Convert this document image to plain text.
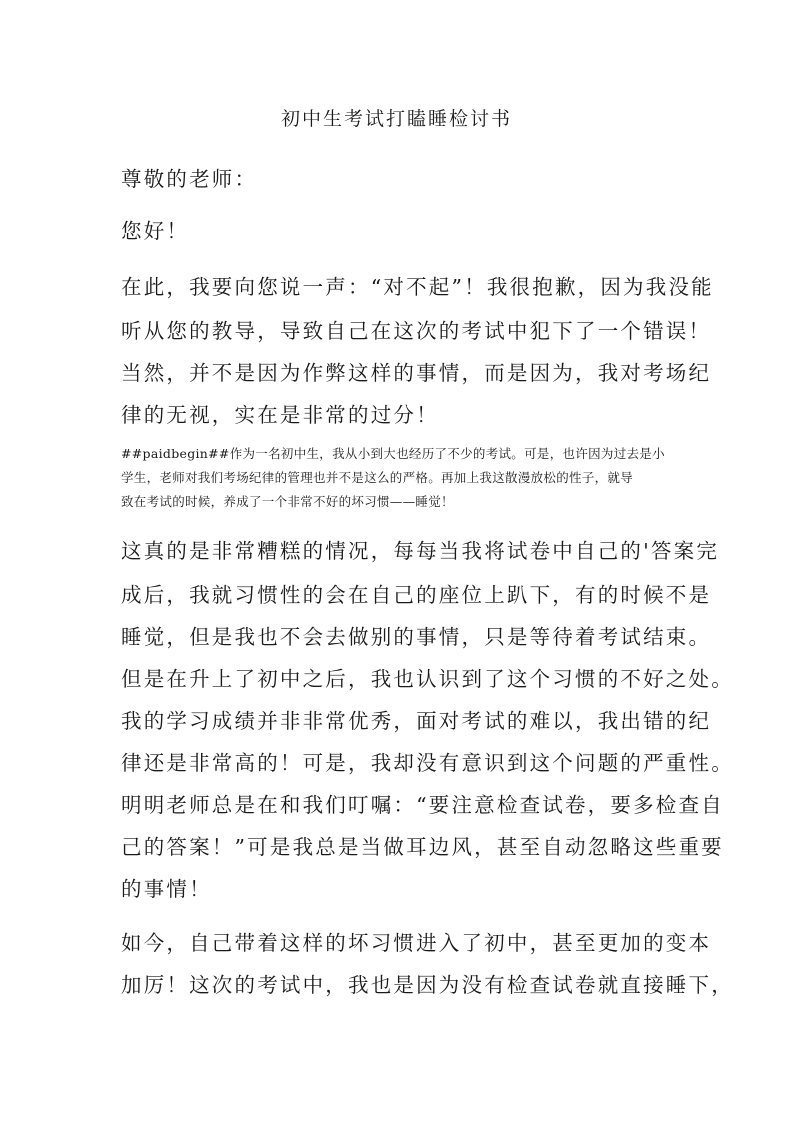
初中生考试打瞌睡检讨书
尊敬的老师：
您好！
在此，我要向您说一声：“对不起”！我很抱歉，因为我没能
听从您的教导，导致自己在这次的考试中犯下了一个错误！
当然，并不是因为作弊这样的事情，而是因为，我对考场纪
律的无视，实在是非常的过分！
##paidbegin##作为一名初中生，我从小到大也经历了不少的考试。可是，也许因为过去是小
学生，老师对我们考场纪律的管理也并不是这么的严格。再加上我这散漫放松的性子，就导
致在考试的时候，养成了一个非常不好的坏习惯——睡觉！
这真的是非常糟糕的情况，每每当我将试卷中自己的'答案完
成后，我就习惯性的会在自己的座位上趴下，有的时候不是
睡觉，但是我也不会去做别的事情，只是等待着考试结束。
但是在升上了初中之后，我也认识到了这个习惯的不好之处。
我的学习成绩并非非常优秀，面对考试的难以，我出错的纪
律还是非常高的！可是，我却没有意识到这个问题的严重性。
明明老师总是在和我们叮嘱：“要注意检查试卷，要多检查自
己的答案！”可是我总是当做耳边风，甚至自动忽略这些重要
的事情！
如今，自己带着这样的坏习惯进入了初中，甚至更加的变本
加厉！这次的考试中，我也是因为没有检查试卷就直接睡下，
